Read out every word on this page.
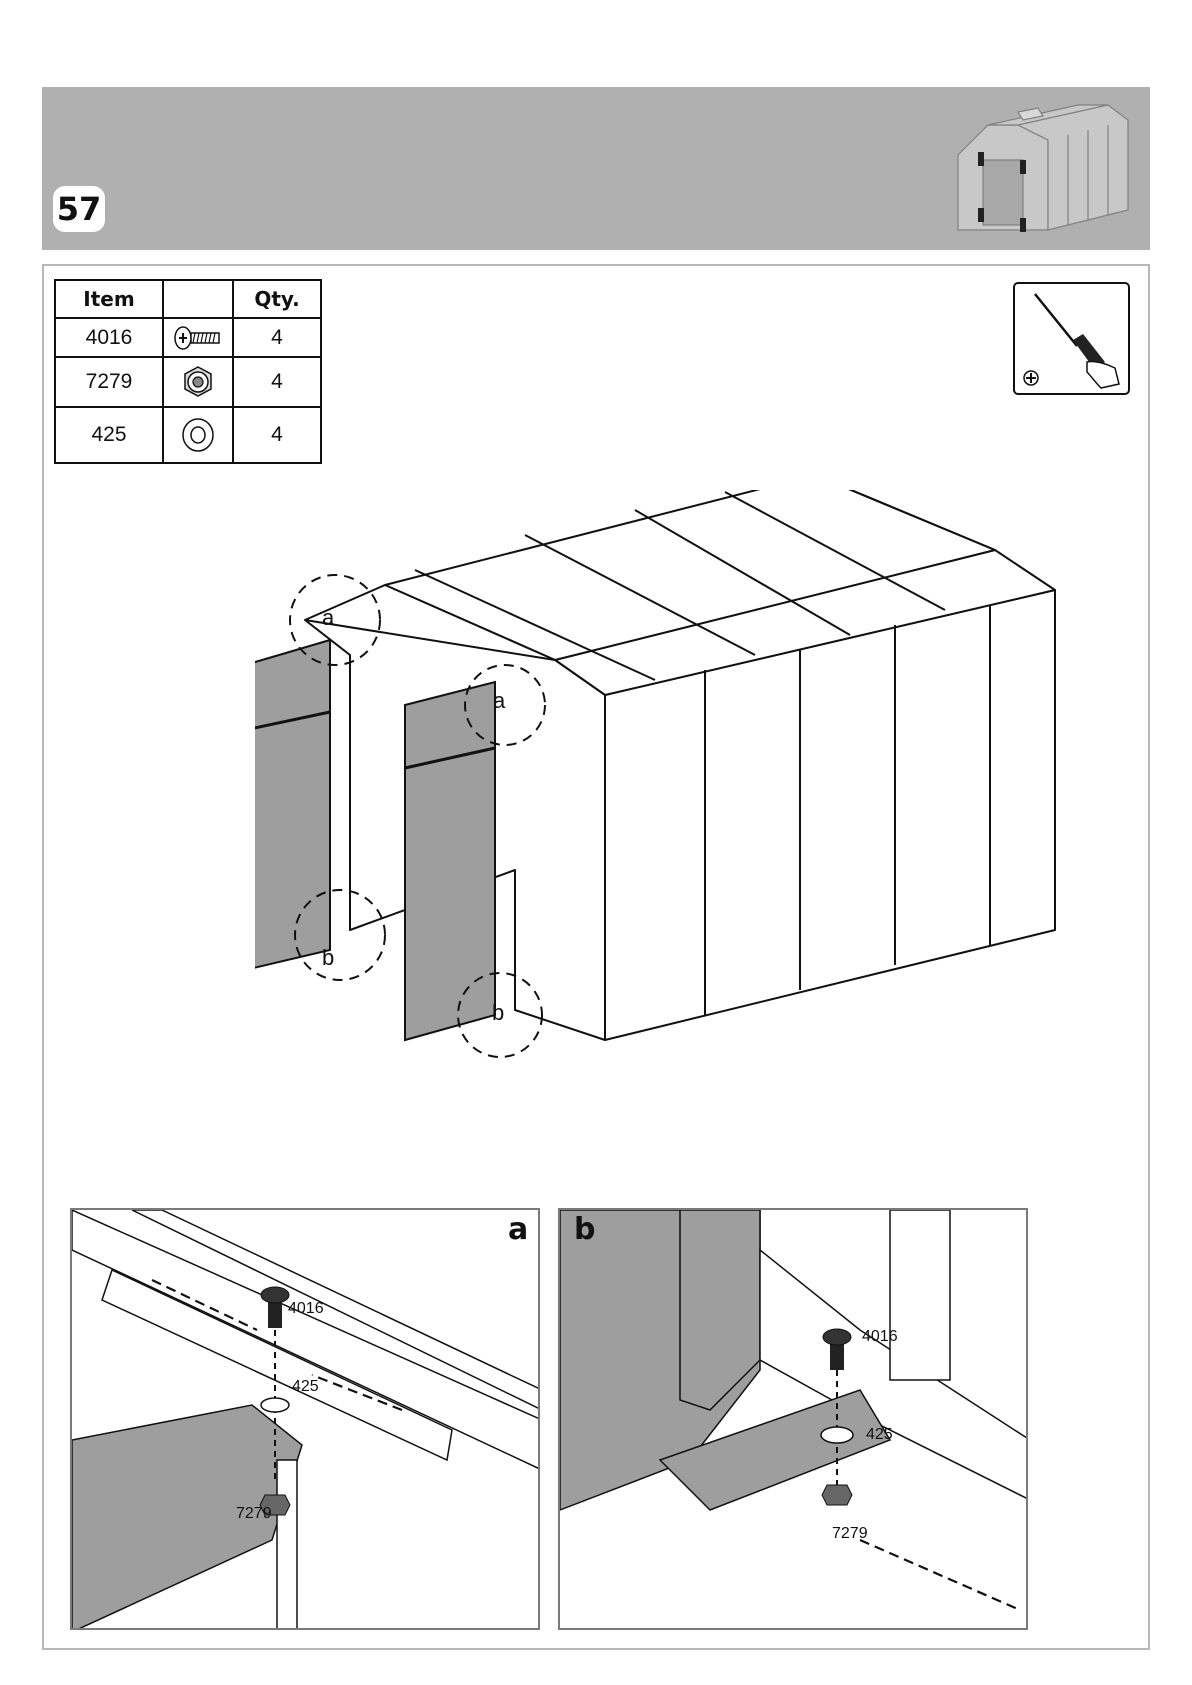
57
Item		Qty.
4016		4
7279		4
425		4
a
a
b
b
a
4016
425
7279
b
4016
425
7279
